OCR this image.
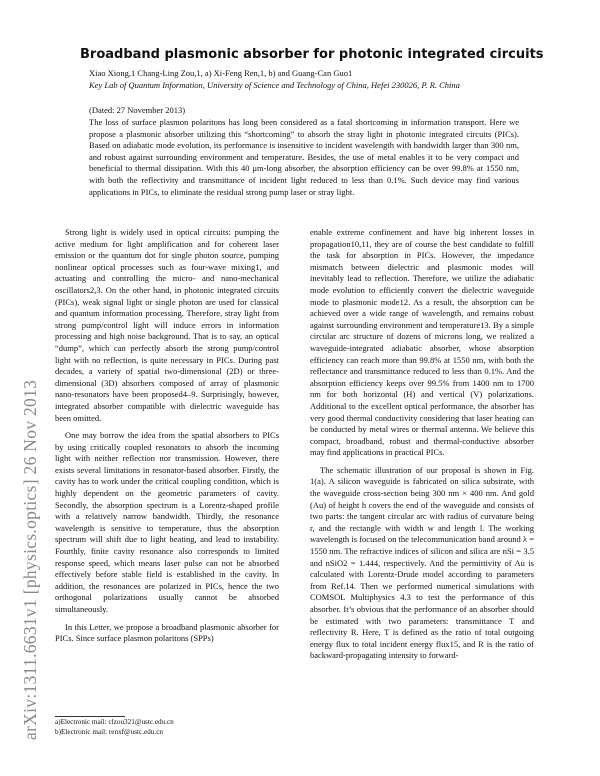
arXiv:1311.6631v1 [physics.optics] 26 Nov 2013
Broadband plasmonic absorber for photonic integrated circuits
Xiao Xiong,1 Chang-Ling Zou,1, a) Xi-Feng Ren,1, b) and Guang-Can Guo1
Key Lab of Quantum Information, University of Science and Technology of China, Hefei 230026, P. R. China
(Dated: 27 November 2013)
The loss of surface plasmon polaritons has long been considered as a fatal shortcoming in information transport. Here we propose a plasmonic absorber utilizing this “shortcoming” to absorb the stray light in photonic integrated circuits (PICs). Based on adiabatic mode evolution, its performance is insensitive to incident wavelength with bandwidth larger than 300 nm, and robust against surrounding environment and temperature. Besides, the use of metal enables it to be very compact and beneficial to thermal dissipation. With this 40 μm-long absorber, the absorption efficiency can be over 99.8% at 1550 nm, with both the reflectivity and transmittance of incident light reduced to less than 0.1%. Such device may find various applications in PICs, to eliminate the residual strong pump laser or stray light.

Strong light is widely used in optical circuits: pumping the active medium for light amplification and for coherent laser emission or the quantum dot for single photon source, pumping nonlinear optical processes such as four-wave mixing1, and actuating and controlling the micro- and nano-mechanical oscillators2,3. On the other hand, in photonic integrated circuits (PICs), weak signal light or single photon are used for classical and quantum information processing. Therefore, stray light from strong pump/control light will induce errors in information processing and high noise background. That is to say, an optical “dump”, which can perfectly absorb the strong pump/control light with no reflection, is quite necessary in PICs. During past decades, a variety of spatial two-dimensional (2D) or three-dimensional (3D) absorbers composed of array of plasmonic nano-resonators have been proposed4–9. Surprisingly, however, integrated absorber compatible with dielectric waveguide has been omitted.

One may borrow the idea from the spatial absorbers to PICs by using critically coupled resonators to absorb the incoming light with neither reflection nor transmission. However, there exists several limitations in resonator-based absorber. Firstly, the cavity has to work under the critical coupling condition, which is highly dependent on the geometric parameters of cavity. Secondly, the absorption spectrum is a Lorentz-shaped profile with a relatively narrow bandwidth. Thirdly, the resonance wavelength is sensitive to temperature, thus the absorption spectrum will shift due to light heating, and lead to instability. Fourthly, finite cavity resonance also corresponds to limited response speed, which means laser pulse can not be absorbed effectively before stable field is established in the cavity. In addition, the resonances are polarized in PICs, hence the two orthogonal polarizations usually cannot be absorbed simultaneously.

In this Letter, we propose a broadband plasmonic absorber for PICs. Since surface plasmon polaritons (SPPs)

enable extreme confinement and have big inherent losses in propagation10,11, they are of course the best candidate to fulfill the task for absorption in PICs. However, the impedance mismatch between dielectric and plasmonic modes will inevitably lead to reflection. Therefore, we utilize the adiabatic mode evolution to efficiently convert the dielectric waveguide mode to plasmonic mode12. As a result, the absorption can be achieved over a wide range of wavelength, and remains robust against surrounding environment and temperature13. By a simple circular arc structure of dozens of microns long, we realized a waveguide-integrated adiabatic absorber, whose absorption efficiency can reach more than 99.8% at 1550 nm, with both the reflectance and transmittance reduced to less than 0.1%. And the absorption efficiency keeps over 99.5% from 1400 nm to 1700 nm for both horizontal (H) and vertical (V) polarizations. Additional to the excellent optical performance, the absorber has very good thermal conductivity considering that laser heating can be conducted by metal wires or thermal antenna. We believe this compact, broadband, robust and thermal-conductive absorber may find applications in practical PICs.

The schematic illustration of our proposal is shown in Fig. 1(a). A silicon waveguide is fabricated on silica substrate, with the waveguide cross-section being 300 nm × 400 nm. And gold (Au) of height h covers the end of the waveguide and consists of two parts: the tangent circular arc with radius of curvature being r, and the rectangle with width w and length l. The working wavelength is focused on the telecommunication band around λ = 1550 nm. The refractive indices of silicon and silica are nSi = 3.5 and nSiO2 = 1.444, respectively. And the permittivity of Au is calculated with Lorentz-Drude model according to parameters from Ref.14. Then we performed numerical simulations with COMSOL Multiphysics 4.3 to test the performance of this absorber. It’s obvious that the performance of an absorber should be estimated with two parameters: transmittance T and reflectivity R. Here, T is defined as the ratio of total outgoing energy flux to total incident energy flux15, and R is the ratio of backward-propagating intensity to forward-

a)Electronic mail: clzou321@ustc.edu.cn
b)Electronic mail: renxf@ustc.edu.cn
